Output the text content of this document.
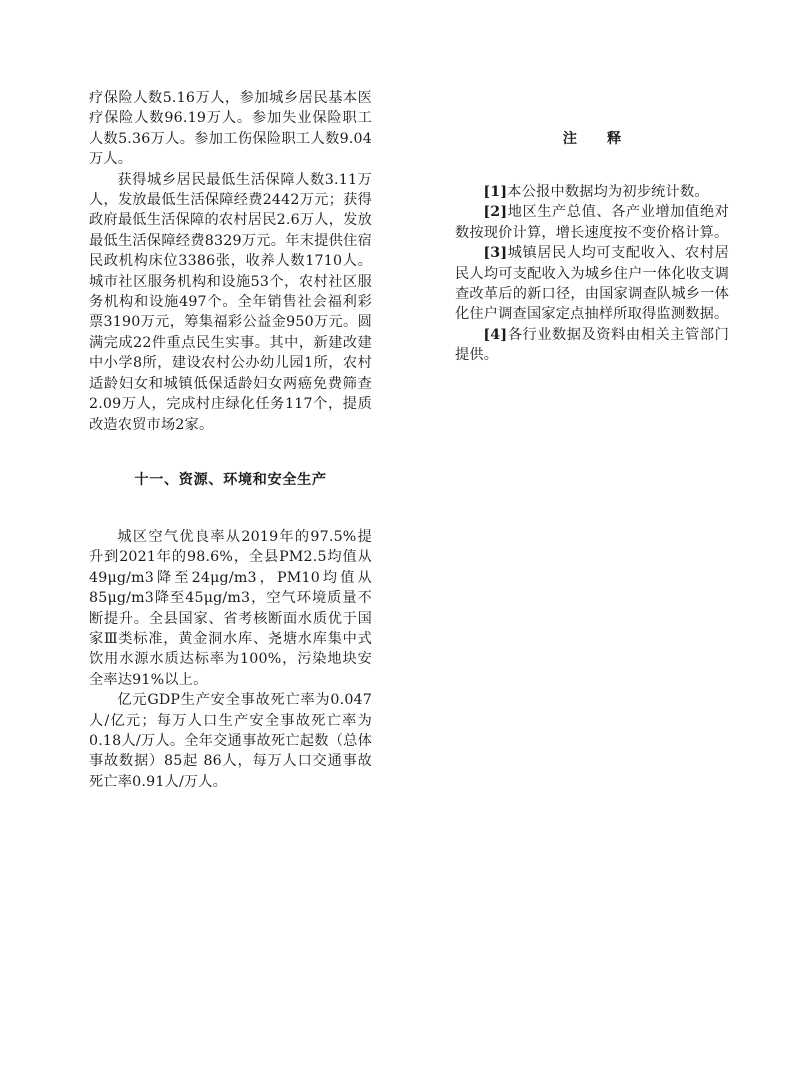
疗保险人数5.16万人，参加城乡居民基本医疗保险人数96.19万人。参加失业保险职工人数5.36万人。参加工伤保险职工人数9.04万人。

获得城乡居民最低生活保障人数3.11万人，发放最低生活保障经费2442万元；获得政府最低生活保障的农村居民2.6万人，发放最低生活保障经费8329万元。年末提供住宿民政机构床位3386张，收养人数1710人。城市社区服务机构和设施53个，农村社区服务机构和设施497个。全年销售社会福利彩票3190万元，筹集福彩公益金950万元。圆满完成22件重点民生实事。其中，新建改建中小学8所，建设农村公办幼儿园1所，农村适龄妇女和城镇低保适龄妇女两癌免费筛查2.09万人，完成村庄绿化任务117个，提质改造农贸市场2家。

十一、资源、环境和安全生产

城区空气优良率从2019年的97.5%提升到2021年的98.6%，全县PM2.5均值从49μg/m3降至24μg/m3，PM10均值从85μg/m3降至45μg/m3，空气环境质量不断提升。全县国家、省考核断面水质优于国家Ⅲ类标准，黄金洞水库、尧塘水库集中式饮用水源水质达标率为100%，污染地块安全率达91%以上。

亿元GDP生产安全事故死亡率为0.047人/亿元；每万人口生产安全事故死亡率为0.18人/万人。全年交通事故死亡起数（总体事故数据）85起 86人，每万人口交通事故死亡率0.91人/万人。

注 释

[1]本公报中数据均为初步统计数。

[2]地区生产总值、各产业增加值绝对数按现价计算，增长速度按不变价格计算。

[3]城镇居民人均可支配收入、农村居民人均可支配收入为城乡住户一体化收支调查改革后的新口径，由国家调查队城乡一体化住户调查国家定点抽样所取得监测数据。

[4]各行业数据及资料由相关主管部门提供。
